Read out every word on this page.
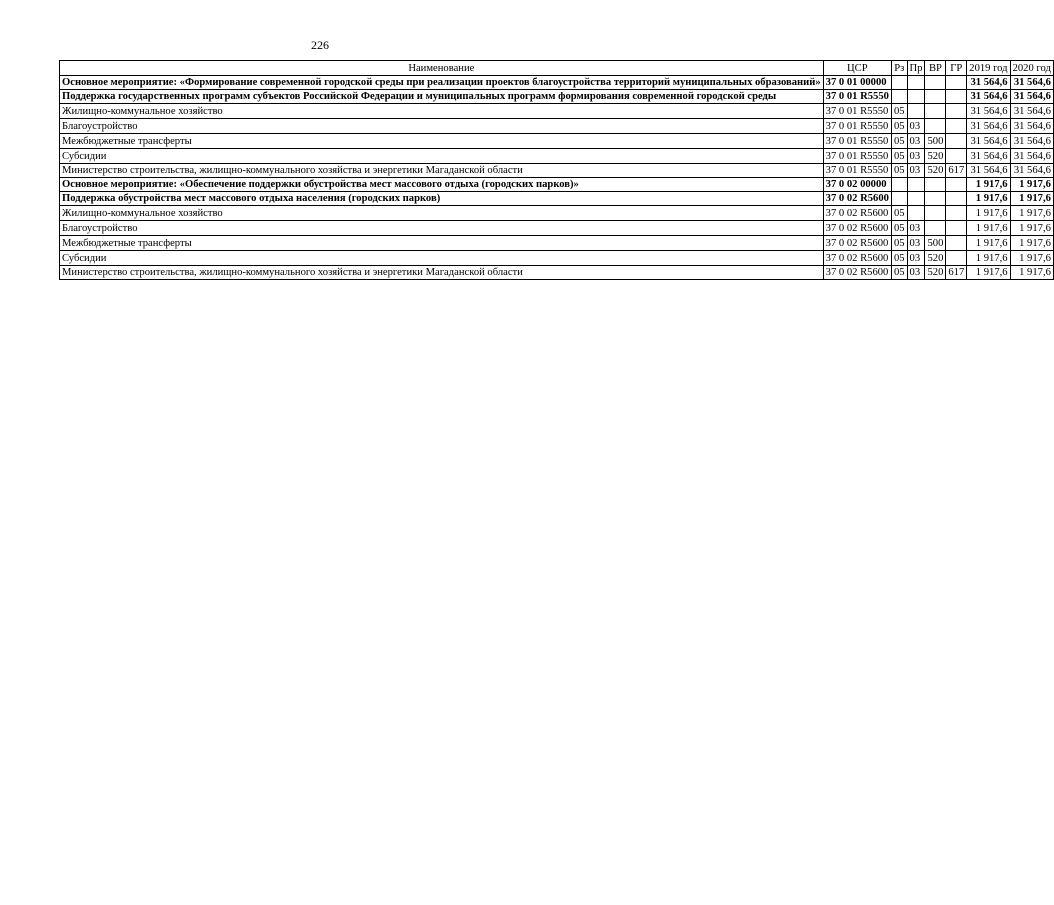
226
Наименование	ЦСР	Рз	Пр	ВР	ГР	2019 год	2020 год
Основное мероприятие: «Формирование современной городской среды при реализации проектов благоустройства территорий муниципальных образований»	37 0 01 00000					31 564,6	31 564,6
Поддержка государственных программ субъектов Российской Федерации и муниципальных программ формирования современной городской среды	37 0 01 R5550					31 564,6	31 564,6
Жилищно-коммунальное хозяйство	37 0 01 R5550	05				31 564,6	31 564,6
Благоустройство	37 0 01 R5550	05	03			31 564,6	31 564,6
Межбюджетные трансферты	37 0 01 R5550	05	03	500		31 564,6	31 564,6
Субсидии	37 0 01 R5550	05	03	520		31 564,6	31 564,6
Министерство строительства, жилищно-коммунального хозяйства и энергетики Магаданской области	37 0 01 R5550	05	03	520	617	31 564,6	31 564,6
Основное мероприятие: «Обеспечение поддержки обустройства мест массового отдыха (городских парков)»	37 0 02 00000					1 917,6	1 917,6
Поддержка обустройства мест массового отдыха населения (городских парков)	37 0 02 R5600					1 917,6	1 917,6
Жилищно-коммунальное хозяйство	37 0 02 R5600	05				1 917,6	1 917,6
Благоустройство	37 0 02 R5600	05	03			1 917,6	1 917,6
Межбюджетные трансферты	37 0 02 R5600	05	03	500		1 917,6	1 917,6
Субсидии	37 0 02 R5600	05	03	520		1 917,6	1 917,6
Министерство строительства, жилищно-коммунального хозяйства и энергетики Магаданской области	37 0 02 R5600	05	03	520	617	1 917,6	1 917,6
